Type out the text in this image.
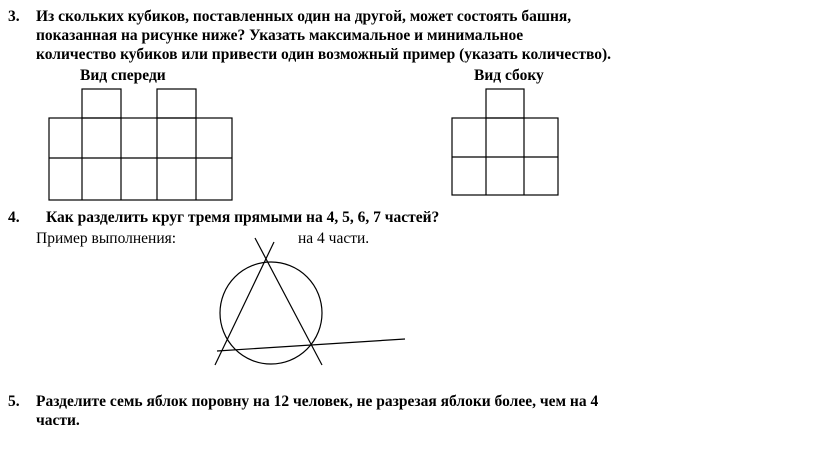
3. Из скольких кубиков, поставленных один на другой, может состоять башня,
показанная на рисунке ниже? Указать максимальное и минимальное
количество кубиков или привести один возможный пример (указать количество).
Вид спереди	Вид сбоку
4. Как разделить круг тремя прямыми на 4, 5, 6, 7 частей?
Пример выполнения:	на 4 части.
5. Разделите семь яблок поровну на 12 человек, не разрезая яблоки более, чем на 4
части.
